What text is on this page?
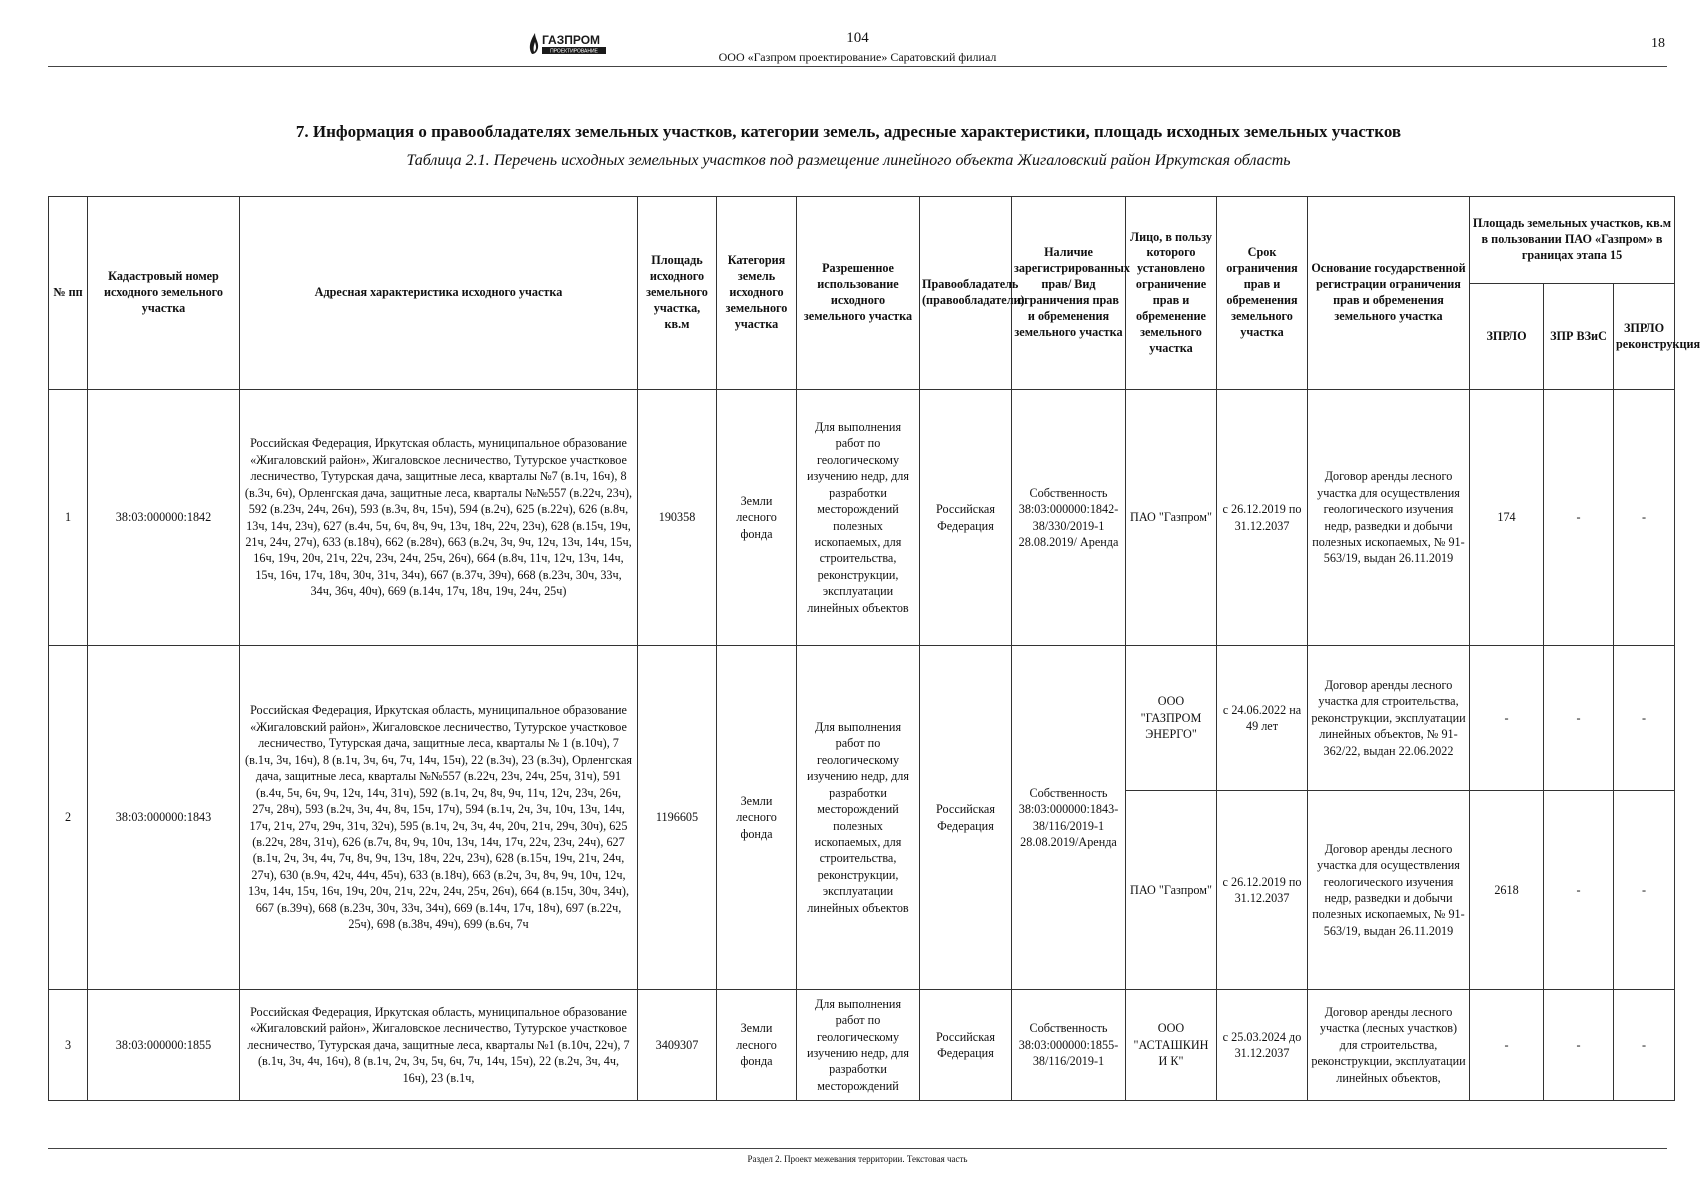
ГАЗПРОМ
ПРОЕКТИРОВАНИЕ
104
ООО «Газпром проектирование» Саратовский филиал
18
7. Информация о правообладателях земельных участков, категории земель, адресные характеристики, площадь исходных земельных участков
Таблица 2.1. Перечень исходных земельных участков под размещение линейного объекта Жигаловский район Иркутская область
№ пп	Кадастровый номер исходного земельного участка	Адресная характеристика исходного участка	Площадь исходного земельного участка, кв.м	Категория земель исходного земельного участка	Разрешенное использование исходного земельного участка	Правообладатель (правообладатели)	Наличие зарегистрированных прав/ Вид ограничения прав и обременения земельного участка	Лицо, в пользу которого установлено ограничение прав и обременение земельного участка	Срок ограничения прав и обременения земельного участка	Основание государственной регистрации ограничения прав и обременения земельного участка	Площадь земельных участков, кв.м в пользовании ПАО «Газпром» в границах этапа 15		
											ЗПРЛО	ЗПР ВЗиС	ЗПРЛО реконструкция
1	38:03:000000:1842	Российская Федерация, Иркутская область, муниципальное образование «Жигаловский район», Жигаловское лесничество, Тутурское участковое лесничество, Тутурская дача, защитные леса, кварталы №7 (в.1ч, 16ч), 8 (в.3ч, 6ч), Орленгская дача, защитные леса, кварталы №№557 (в.22ч, 23ч), 592 (в.23ч, 24ч, 26ч), 593 (в.3ч, 8ч, 15ч), 594 (в.2ч), 625 (в.22ч), 626 (в.8ч, 13ч, 14ч, 23ч), 627 (в.4ч, 5ч, 6ч, 8ч, 9ч, 13ч, 18ч, 22ч, 23ч), 628 (в.15ч, 19ч, 21ч, 24ч, 27ч), 633 (в.18ч), 662 (в.28ч), 663 (в.2ч, 3ч, 9ч, 12ч, 13ч, 14ч, 15ч, 16ч, 19ч, 20ч, 21ч, 22ч, 23ч, 24ч, 25ч, 26ч), 664 (в.8ч, 11ч, 12ч, 13ч, 14ч, 15ч, 16ч, 17ч, 18ч, 30ч, 31ч, 34ч), 667 (в.37ч, 39ч), 668 (в.23ч, 30ч, 33ч, 34ч, 36ч, 40ч), 669 (в.14ч, 17ч, 18ч, 19ч, 24ч, 25ч)	190358	Земли лесного фонда	Для выполнения работ по геологическому изучению недр, для разработки месторождений полезных ископаемых, для строительства, реконструкции, эксплуатации линейных объектов	Российская Федерация	Собственность 38:03:000000:1842-38/330/2019-1 28.08.2019/ Аренда	ПАО "Газпром"	с 26.12.2019 по 31.12.2037	Договор аренды лесного участка для осуществления геологического изучения недр, разведки и добычи полезных ископаемых, № 91-563/19, выдан 26.11.2019	174	-	-
2	38:03:000000:1843	Российская Федерация, Иркутская область, муниципальное образование «Жигаловский район», Жигаловское лесничество, Тутурское участковое лесничество, Тутурская дача, защитные леса, кварталы № 1 (в.10ч), 7 (в.1ч, 3ч, 16ч), 8 (в.1ч, 3ч, 6ч, 7ч, 14ч, 15ч), 22 (в.3ч), 23 (в.3ч), Орленгская дача, защитные леса, кварталы №№557 (в.22ч, 23ч, 24ч, 25ч, 31ч), 591 (в.4ч, 5ч, 6ч, 9ч, 12ч, 14ч, 31ч), 592 (в.1ч, 2ч, 8ч, 9ч, 11ч, 12ч, 23ч, 26ч, 27ч, 28ч), 593 (в.2ч, 3ч, 4ч, 8ч, 15ч, 17ч), 594 (в.1ч, 2ч, 3ч, 10ч, 13ч, 14ч, 17ч, 21ч, 27ч, 29ч, 31ч, 32ч), 595 (в.1ч, 2ч, 3ч, 4ч, 20ч, 21ч, 29ч, 30ч), 625 (в.22ч, 28ч, 31ч), 626 (в.7ч, 8ч, 9ч, 10ч, 13ч, 14ч, 17ч, 22ч, 23ч, 24ч), 627 (в.1ч, 2ч, 3ч, 4ч, 7ч, 8ч, 9ч, 13ч, 18ч, 22ч, 23ч), 628 (в.15ч, 19ч, 21ч, 24ч, 27ч), 630 (в.9ч, 42ч, 44ч, 45ч), 633 (в.18ч), 663 (в.2ч, 3ч, 8ч, 9ч, 10ч, 12ч, 13ч, 14ч, 15ч, 16ч, 19ч, 20ч, 21ч, 22ч, 24ч, 25ч, 26ч), 664 (в.15ч, 30ч, 34ч), 667 (в.39ч), 668 (в.23ч, 30ч, 33ч, 34ч), 669 (в.14ч, 17ч, 18ч), 697 (в.22ч, 25ч), 698 (в.38ч, 49ч), 699 (в.6ч, 7ч	1196605	Земли лесного фонда	Для выполнения работ по геологическому изучению недр, для разработки месторождений полезных ископаемых, для строительства, реконструкции, эксплуатации линейных объектов	Российская Федерация	Собственность 38:03:000000:1843-38/116/2019-1 28.08.2019/Аренда	ООО "ГАЗПРОМ ЭНЕРГО"	с 24.06.2022 на 49 лет	Договор аренды лесного участка для строительства, реконструкции, эксплуатации линейных объектов, № 91-362/22, выдан 22.06.2022	-	-	-
								ПАО "Газпром"	с 26.12.2019 по 31.12.2037	Договор аренды лесного участка для осуществления геологического изучения недр, разведки и добычи полезных ископаемых, № 91-563/19, выдан 26.11.2019	2618	-	-
3	38:03:000000:1855	Российская Федерация, Иркутская область, муниципальное образование «Жигаловский район», Жигаловское лесничество, Тутурское участковое лесничество, Тутурская дача, защитные леса, кварталы №1 (в.10ч, 22ч), 7 (в.1ч, 3ч, 4ч, 16ч), 8 (в.1ч, 2ч, 3ч, 5ч, 6ч, 7ч, 14ч, 15ч), 22 (в.2ч, 3ч, 4ч, 16ч), 23 (в.1ч,	3409307	Земли лесного фонда	Для выполнения работ по геологическому изучению недр, для разработки месторождений	Российская Федерация	Собственность 38:03:000000:1855-38/116/2019-1	ООО "АСТАШКИН И К"	с 25.03.2024 до 31.12.2037	Договор аренды лесного участка (лесных участков) для строительства, реконструкции, эксплуатации линейных объектов,	-	-	-
Раздел 2. Проект межевания территории. Текстовая часть
